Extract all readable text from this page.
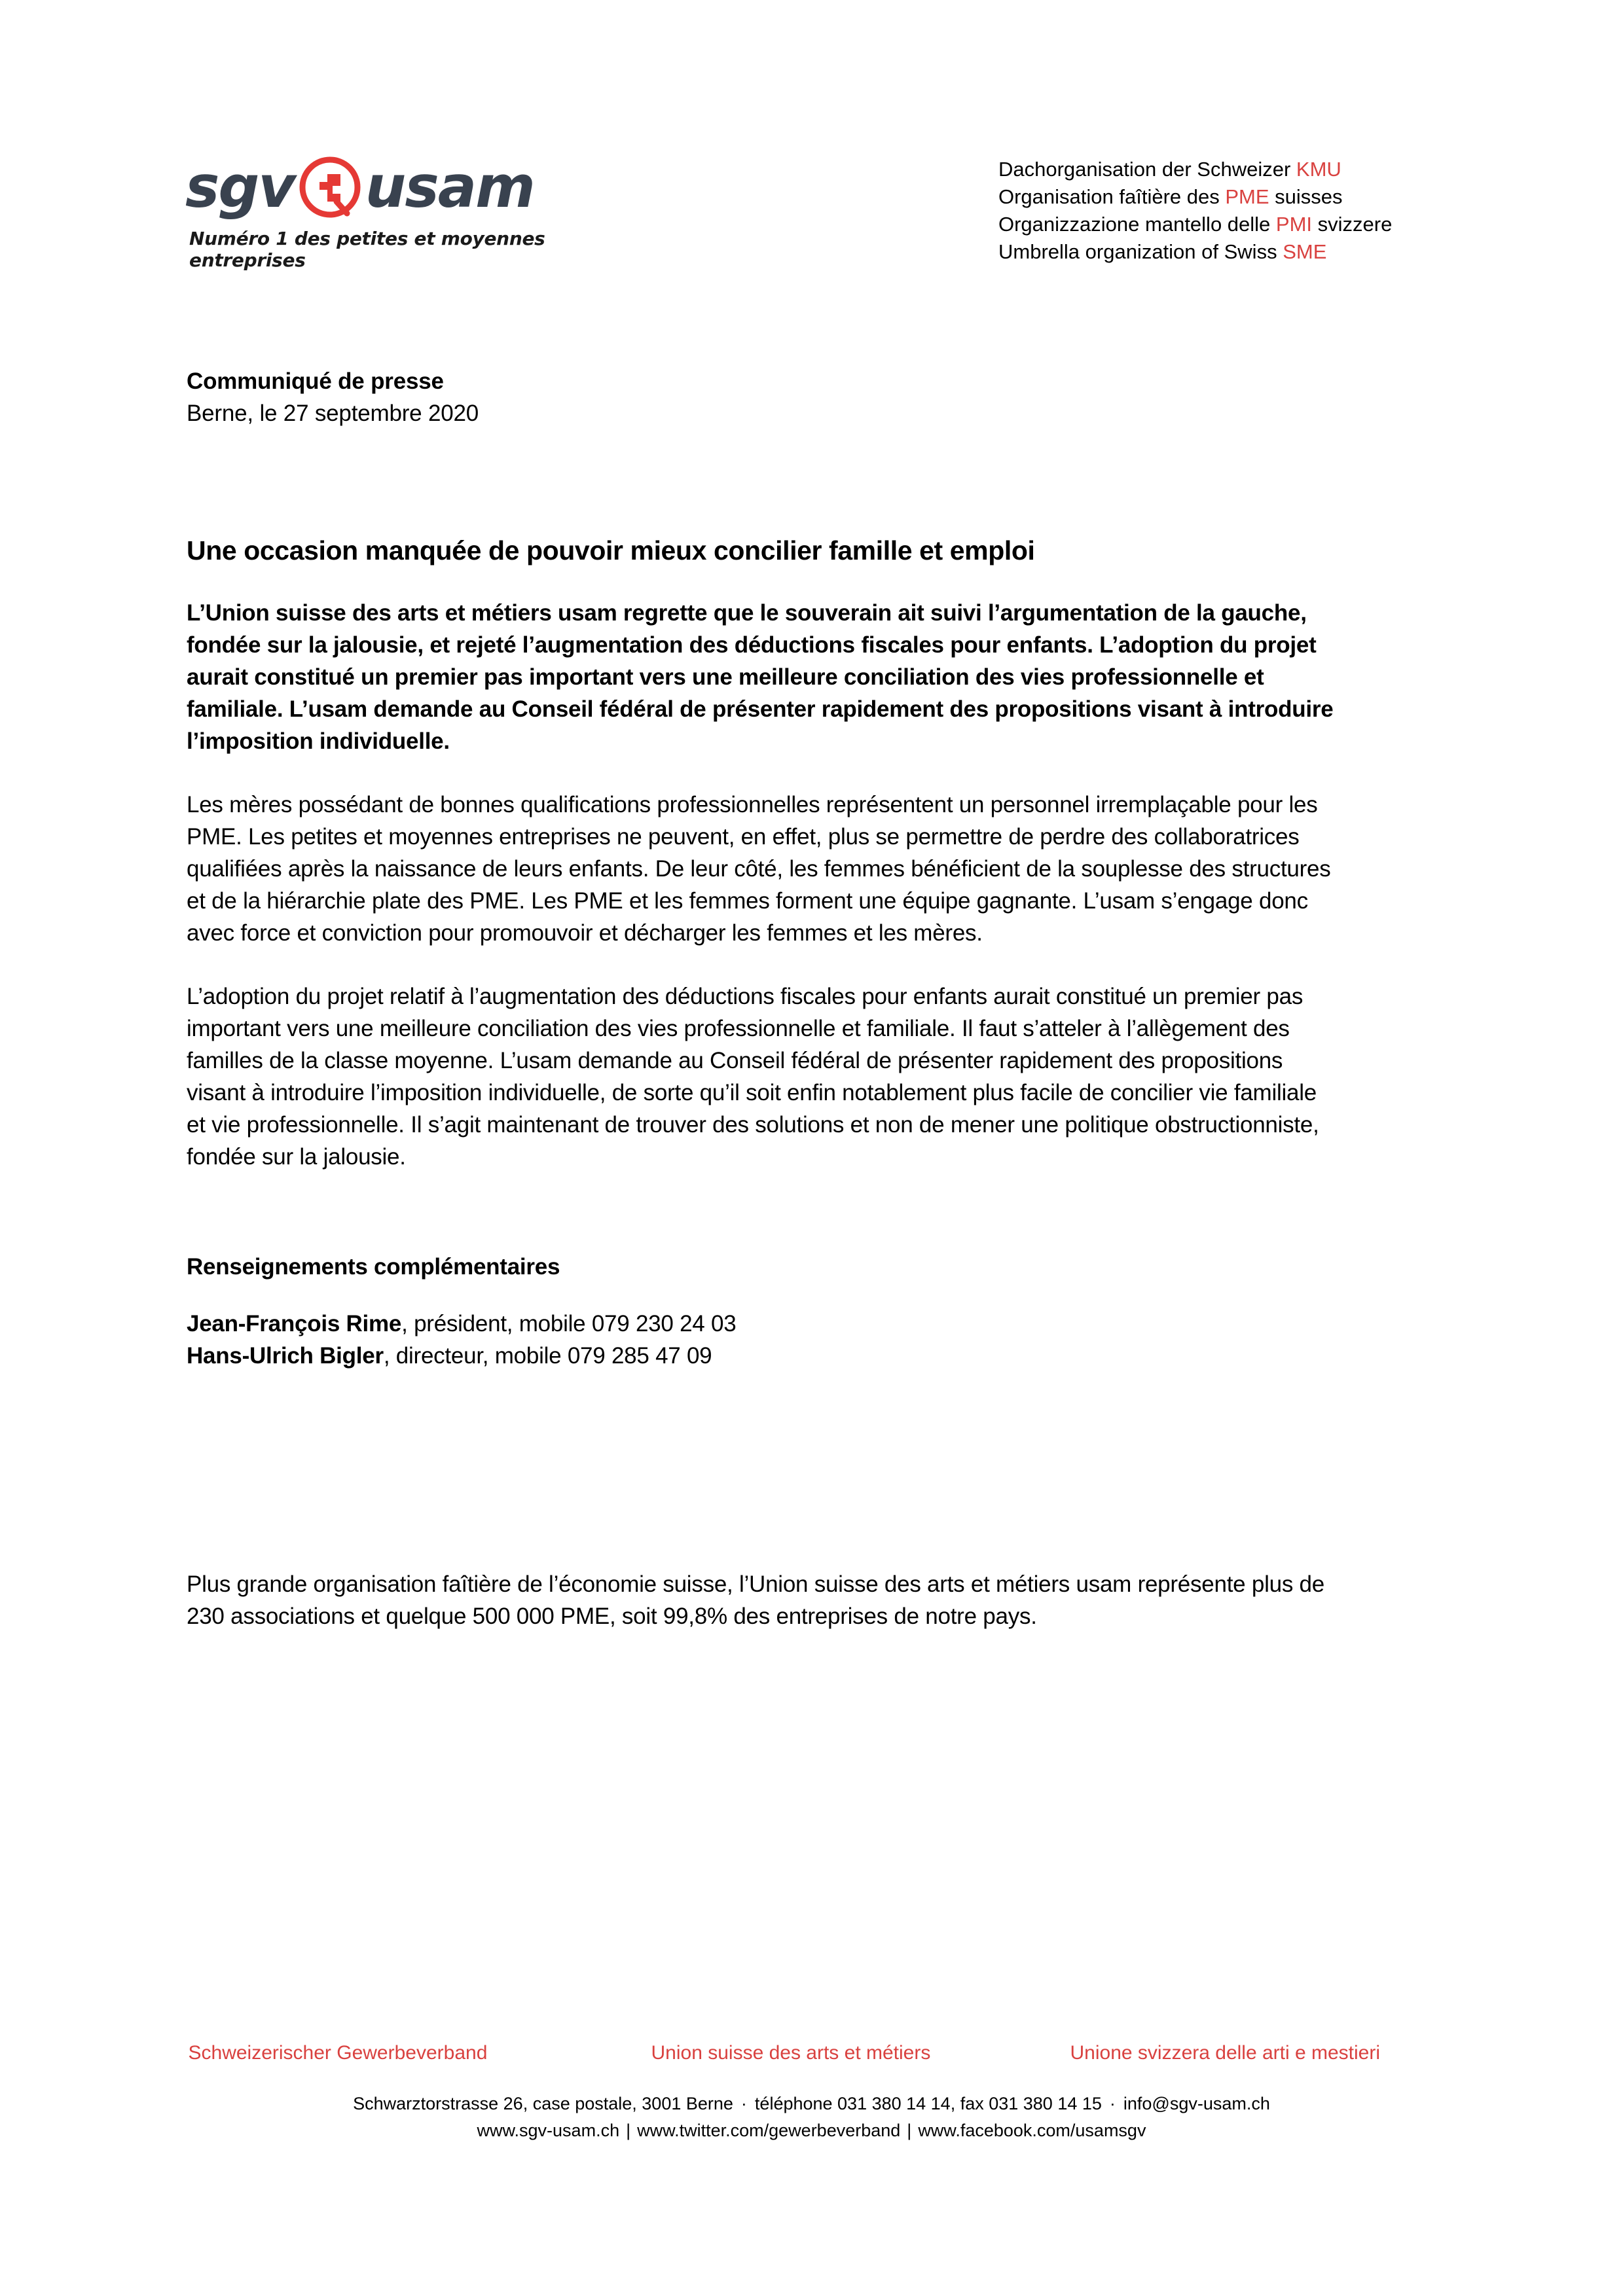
sgv usam
Numéro 1 des petites et moyennes entreprises
Dachorganisation der Schweizer KMU
Organisation faîtière des PME suisses
Organizzazione mantello delle PMI svizzere
Umbrella organization of Swiss SME
Communiqué de presse
Berne, le 27 septembre 2020
Une occasion manquée de pouvoir mieux concilier famille et emploi

L’Union suisse des arts et métiers usam regrette que le souverain ait suivi l’argumentation de la gauche, fondée sur la jalousie, et rejeté l’augmentation des déductions fiscales pour enfants. L’adoption du projet aurait constitué un premier pas important vers une meilleure conciliation des vies professionnelle et familiale. L’usam demande au Conseil fédéral de présenter rapidement des propositions visant à introduire l’imposition individuelle.

Les mères possédant de bonnes qualifications professionnelles représentent un personnel irremplaçable pour les PME. Les petites et moyennes entreprises ne peuvent, en effet, plus se permettre de perdre des collaboratrices qualifiées après la naissance de leurs enfants. De leur côté, les femmes bénéficient de la souplesse des structures et de la hiérarchie plate des PME. Les PME et les femmes forment une équipe gagnante. L’usam s’engage donc avec force et conviction pour promouvoir et décharger les femmes et les mères.

L’adoption du projet relatif à l’augmentation des déductions fiscales pour enfants aurait constitué un premier pas important vers une meilleure conciliation des vies professionnelle et familiale. Il faut s’atteler à l’allègement des familles de la classe moyenne. L’usam demande au Conseil fédéral de présenter rapidement des propositions visant à introduire l’imposition individuelle, de sorte qu’il soit enfin notablement plus facile de concilier vie familiale et vie professionnelle. Il s’agit maintenant de trouver des solutions et non de mener une politique obstructionniste, fondée sur la jalousie.

Renseignements complémentaires
Jean-François Rime, président, mobile 079 230 24 03
Hans-Ulrich Bigler, directeur, mobile 079 285 47 09

Plus grande organisation faîtière de l’économie suisse, l’Union suisse des arts et métiers usam représente plus de 230 associations et quelque 500 000 PME, soit 99,8% des entreprises de notre pays.

Schweizerischer Gewerbeverband	Union suisse des arts et métiers	Unione svizzera delle arti e mestieri
Schwarztorstrasse 26, case postale, 3001 Berne · téléphone 031 380 14 14, fax 031 380 14 15 · info@sgv-usam.ch
www.sgv-usam.ch | www.twitter.com/gewerbeverband | www.facebook.com/usamsgv
